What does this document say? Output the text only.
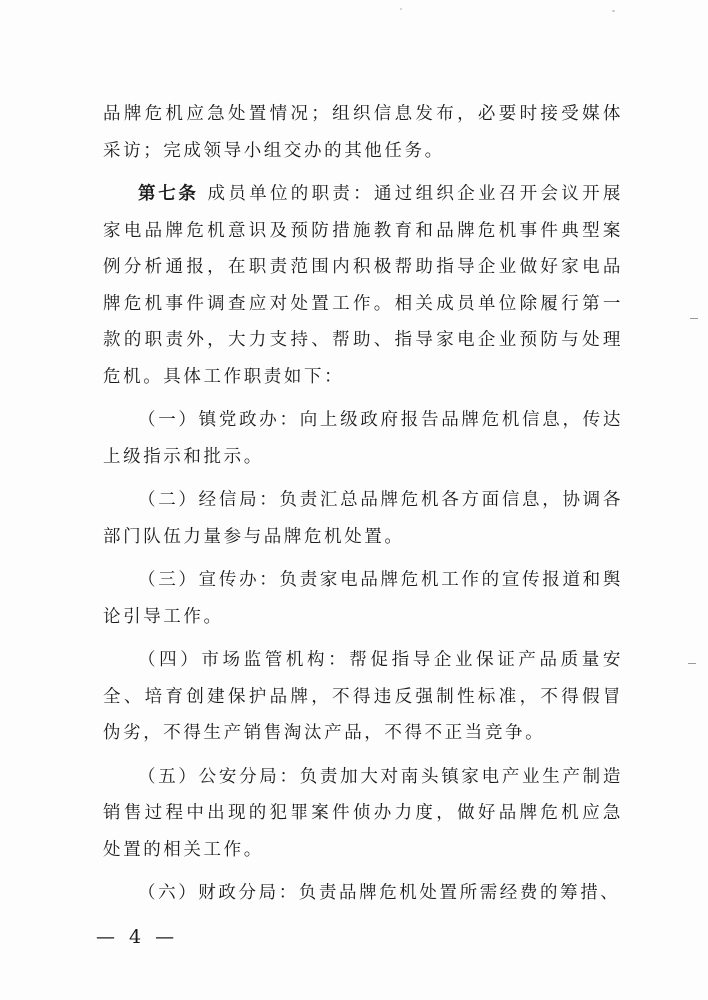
品牌危机应急处置情况；组织信息发布，必要时接受媒体采访；完成领导小组交办的其他任务。

第七条 成员单位的职责：通过组织企业召开会议开展家电品牌危机意识及预防措施教育和品牌危机事件典型案例分析通报，在职责范围内积极帮助指导企业做好家电品牌危机事件调查应对处置工作。相关成员单位除履行第一款的职责外，大力支持、帮助、指导家电企业预防与处理危机。具体工作职责如下：

（一）镇党政办：向上级政府报告品牌危机信息，传达上级指示和批示。

（二）经信局：负责汇总品牌危机各方面信息，协调各部门队伍力量参与品牌危机处置。

（三）宣传办：负责家电品牌危机工作的宣传报道和舆论引导工作。

（四）市场监管机构：帮促指导企业保证产品质量安全、培育创建保护品牌，不得违反强制性标准，不得假冒伪劣，不得生产销售淘汰产品，不得不正当竞争。

（五）公安分局：负责加大对南头镇家电产业生产制造销售过程中出现的犯罪案件侦办力度，做好品牌危机应急处置的相关工作。

（六）财政分局：负责品牌危机处置所需经费的筹措、

— 4 —
